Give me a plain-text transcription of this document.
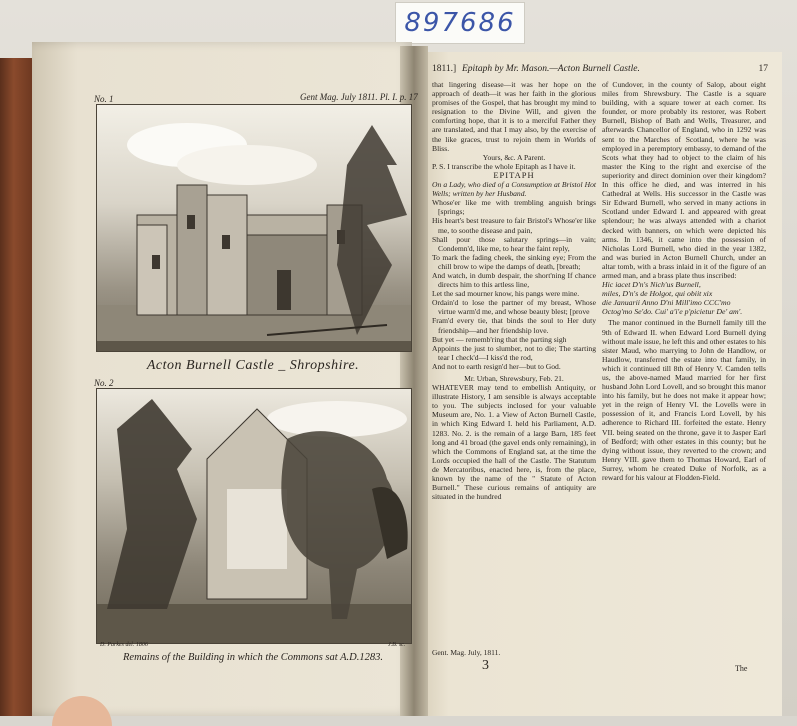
897686
Gent Mag. July 1811. Pl. I. p. 17
No. 1
Acton Burnell Castle _ Shropshire.
No. 2
D. Parkes del. 1806	J.B. sc.
Remains of the Building in which the Commons sat A.D.1283.
1811.] Epitaph by Mr. Mason.—Acton Burnell Castle.	17

that lingering disease—it was her hope on the approach of death—it was her faith in the glorious promises of the Gospel, that has brought my mind to resignation to the Divine Will, and given the comforting hope, that it is to a merciful Father they are translated, and that I may also, by the exercise of the like graces, trust to rejoin them in Worlds of Bliss.

Yours, &c. A Parent.

P. S. I transcribe the whole Epitaph as I have it.

EPITAPH

On a Lady, who died of a Consumption at Bristol Hot Wells; written by her Husband.

Whose'er like me with trembling anguish brings [springs;

His heart's best treasure to fair Bristol's Whose'er like me, to soothe disease and pain,

Shall pour those salutary springs—in vain; Condemn'd, like me, to hear the faint reply,

To mark the fading cheek, the sinking eye; From the chill brow to wipe the damps of death, [breath;

And watch, in dumb despair, the short'ning If chance directs him to this artless line,

Let the sad mourner know, his pangs were mine.

Ordain'd to lose the partner of my breast, Whose virtue warm'd me, and whose beauty blest; [prove

Fram'd every tie, that binds the soul to Her duty friendship—and her friendship love.

But yet — rememb'ring that the parting sigh

Appoints the just to slumber, not to die; The starting tear I check'd—I kiss'd the rod,

And not to earth resign'd her—but to God.

Mr. Urban, Shrewsbury, Feb. 21.

WHATEVER may tend to embellish Antiquity, or illustrate History, I am sensible is always acceptable to you. The subjects inclosed for your valuable Museum are, No. 1. a View of Acton Burnell Castle, in which King Edward I. held his Parliament, A.D. 1283. No. 2. is the remain of a large Barn, 185 feet long and 41 broad (the gavel ends only remaining), in which the Commons of England sat, at the time the Lords occupied the hall of the Castle. The Statutum de Mercatoribus, enacted here, is, from the place, known by the name of the " Statute of Acton Burnell." These curious remains of antiquity are situated in the hundred

Gent. Mag. July, 1811.
3

of Cundover, in the county of Salop, about eight miles from Shrewsbury. The Castle is a square building, with a square tower at each corner. Its founder, or more probably its restorer, was Robert Burnell, Bishop of Bath and Wells, Treasurer, and afterwards Chancellor of England, who in 1292 was sent to the Marches of Scotland, where he was employed in a peremptory embassy, to demand of the Scots what they had to object to the claim of his master the King to the right and exercise of the superiority and direct dominion over their kingdom? In this office he died, and was interred in his Cathedral at Wells. His successor in the Castle was Sir Edward Burnell, who served in many actions in Scotland under Edward I. and appeared with great splendour; he was always attended with a chariot decked with banners, on which were depicted his arms. In 1346, it came into the possession of Nicholas Lord Burnell, who died in the year 1382, and was buried in Acton Burnell Church, under an altar tomb, with a brass inlaid in it of the figure of an armed man, and a brass plate thus inscribed:

Hic iacet D'n's Nich'us Burnell,

miles, D'n's de Holgot, qui obiit xix

die Januarii Anno D'ni Mill'imo CCC'mo

Octog'mo Se'do. Cui' a'i'e p'picietur De' am'.

The manor continued in the Burnell family till the 9th of Edward II. when Edward Lord Burnell dying without male issue, he left this and other estates to his sister Maud, who marrying to John de Handlow, or Haudlow, transferred the estate into that family, in which it continued till 8th of Henry V. Camden tells us, the above-named Maud married for her first husband John Lord Lovell, and so brought this manor into his family, but he does not make it appear how; yet in the reign of Henry VI. the Lovells were in possession of it, and Francis Lord Lovell, by his adherence to Richard III. forfeited the estate. Henry VII. being seated on the throne, gave it to Jasper Earl of Bedford; with other estates in this county; but he dying without issue, they reverted to the crown; and Henry VIII. gave them to Thomas Howard, Earl of Surrey, whom he created Duke of Norfolk, as a reward for his valour at Flodden-Field.

The
